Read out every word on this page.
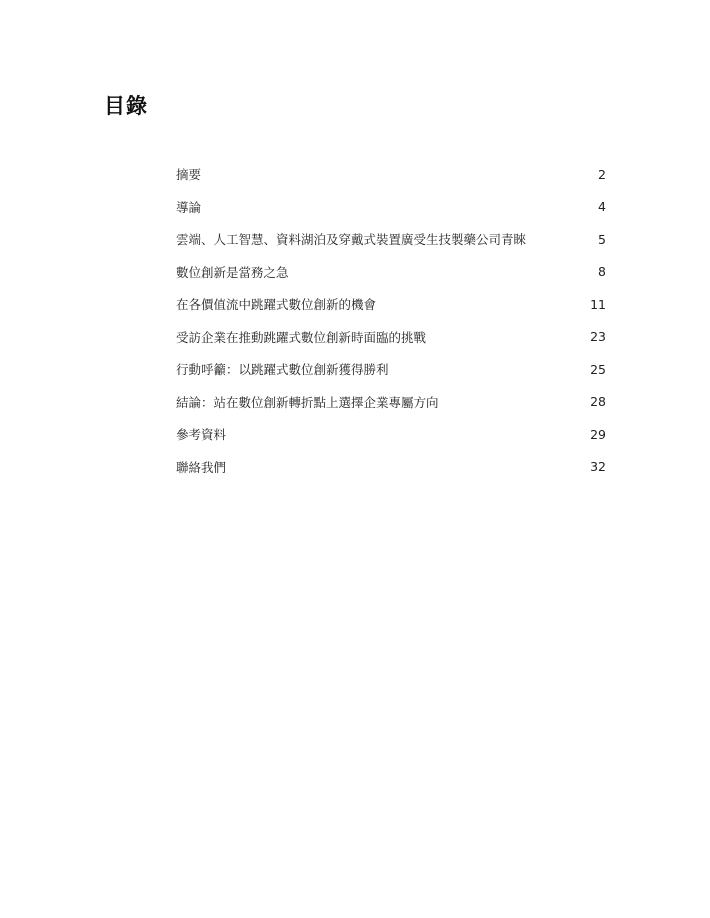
目錄
摘要	2
導論	4
雲端、人工智慧、資料湖泊及穿戴式裝置廣受生技製藥公司青睞	5
數位創新是當務之急	8
在各價值流中跳躍式數位創新的機會	11
受訪企業在推動跳躍式數位創新時面臨的挑戰	23
行動呼籲：以跳躍式數位創新獲得勝利	25
結論：站在數位創新轉折點上選擇企業專屬方向	28
參考資料	29
聯絡我們	32
